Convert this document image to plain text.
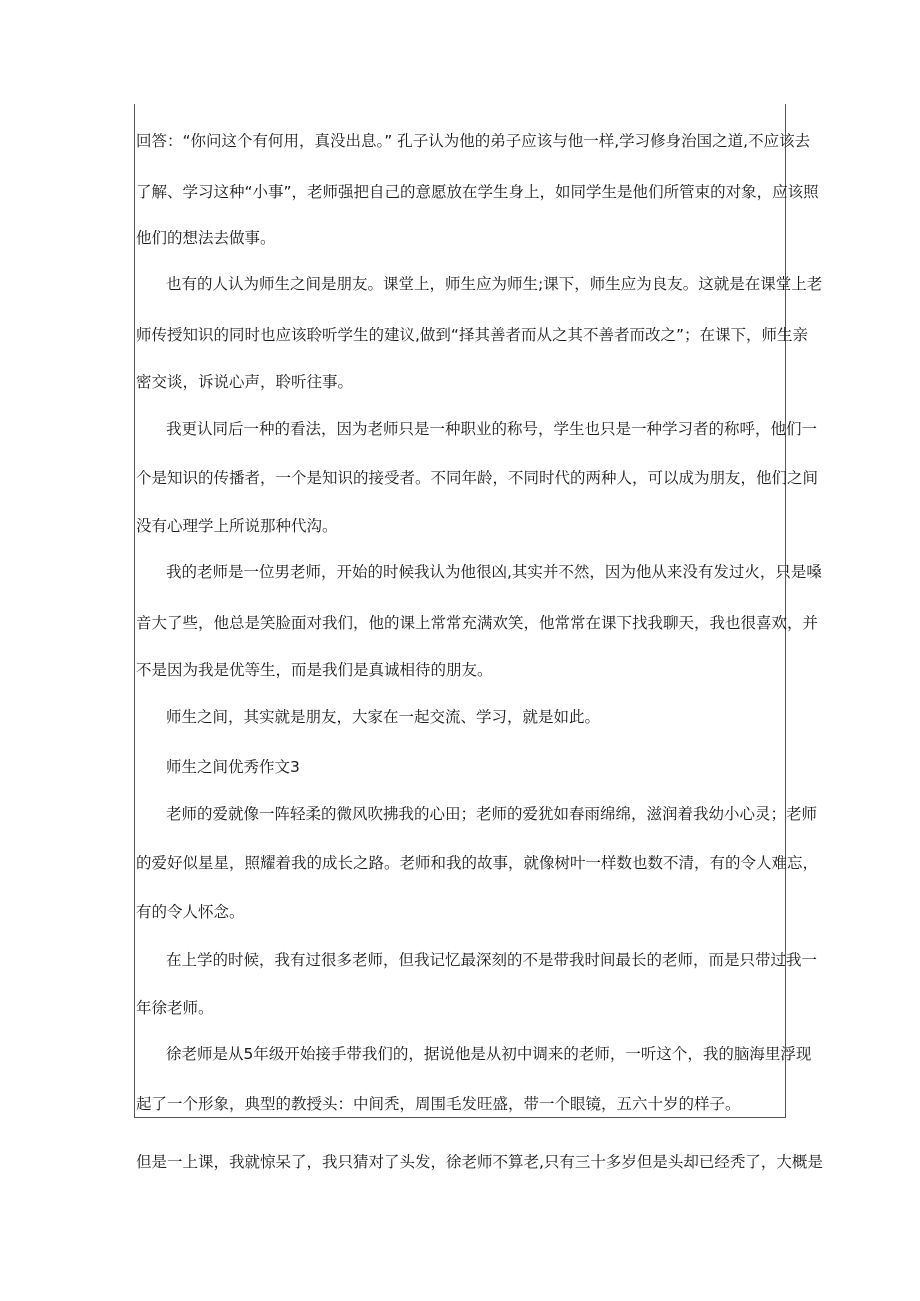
回答：“你问这个有何用，真没出息。” 孔子认为他的弟子应该与他一样,学习修身治国之道,不应该去
了解、学习这种“小事”，老师强把自己的意愿放在学生身上，如同学生是他们所管束的对象，应该照
他们的想法去做事。
也有的人认为师生之间是朋友。课堂上，师生应为师生;课下，师生应为良友。这就是在课堂上老
师传授知识的同时也应该聆听学生的建议,做到“择其善者而从之其不善者而改之”；在课下，师生亲
密交谈，诉说心声，聆听往事。
我更认同后一种的看法，因为老师只是一种职业的称号，学生也只是一种学习者的称呼，他们一
个是知识的传播者，一个是知识的接受者。不同年龄，不同时代的两种人，可以成为朋友，他们之间
没有心理学上所说那种代沟。
我的老师是一位男老师，开始的时候我认为他很凶,其实并不然，因为他从来没有发过火，只是嗓
音大了些，他总是笑脸面对我们，他的课上常常充满欢笑，他常常在课下找我聊天，我也很喜欢，并
不是因为我是优等生，而是我们是真诚相待的朋友。
师生之间，其实就是朋友，大家在一起交流、学习，就是如此。
师生之间优秀作文3
老师的爱就像一阵轻柔的微风吹拂我的心田；老师的爱犹如春雨绵绵，滋润着我幼小心灵；老师
的爱好似星星，照耀着我的成长之路。老师和我的故事，就像树叶一样数也数不清，有的令人难忘，
有的令人怀念。
在上学的时候，我有过很多老师，但我记忆最深刻的不是带我时间最长的老师，而是只带过我一
年徐老师。
徐老师是从5年级开始接手带我们的，据说他是从初中调来的老师，一听这个，我的脑海里浮现
起了一个形象，典型的教授头：中间秃，周围毛发旺盛，带一个眼镜，五六十岁的样子。
但是一上课，我就惊呆了，我只猜对了头发，徐老师不算老,只有三十多岁但是头却已经秃了，大概是
